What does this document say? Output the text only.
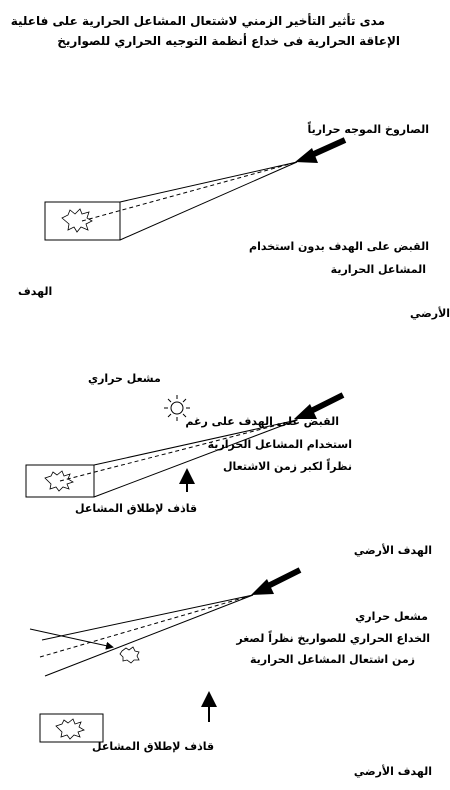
مدى تأثير التأخير الزمني لاشتعال المشاعل الحرارية على فاعلية
الإعاقة الحرارية فى خداع أنظمة التوجيه الحراري للصواريخ
الصاروخ الموجه حرارياً
القبض على الهدف بدون استخدام
المشاعل الحرارية
الهدف
الأرضي
مشعل حراري
القبض على الهدف على رغم
استخدام المشاعل الحرارية
نظراً لكبر زمن الاشتعال
قاذف لإطلاق المشاعل
الهدف الأرضي
مشعل حراري
الخداع الحراري للصواريخ نظراً لصغر
زمن اشتعال المشاعل الحرارية
قاذف لإطلاق المشاعل
الهدف الأرضي
